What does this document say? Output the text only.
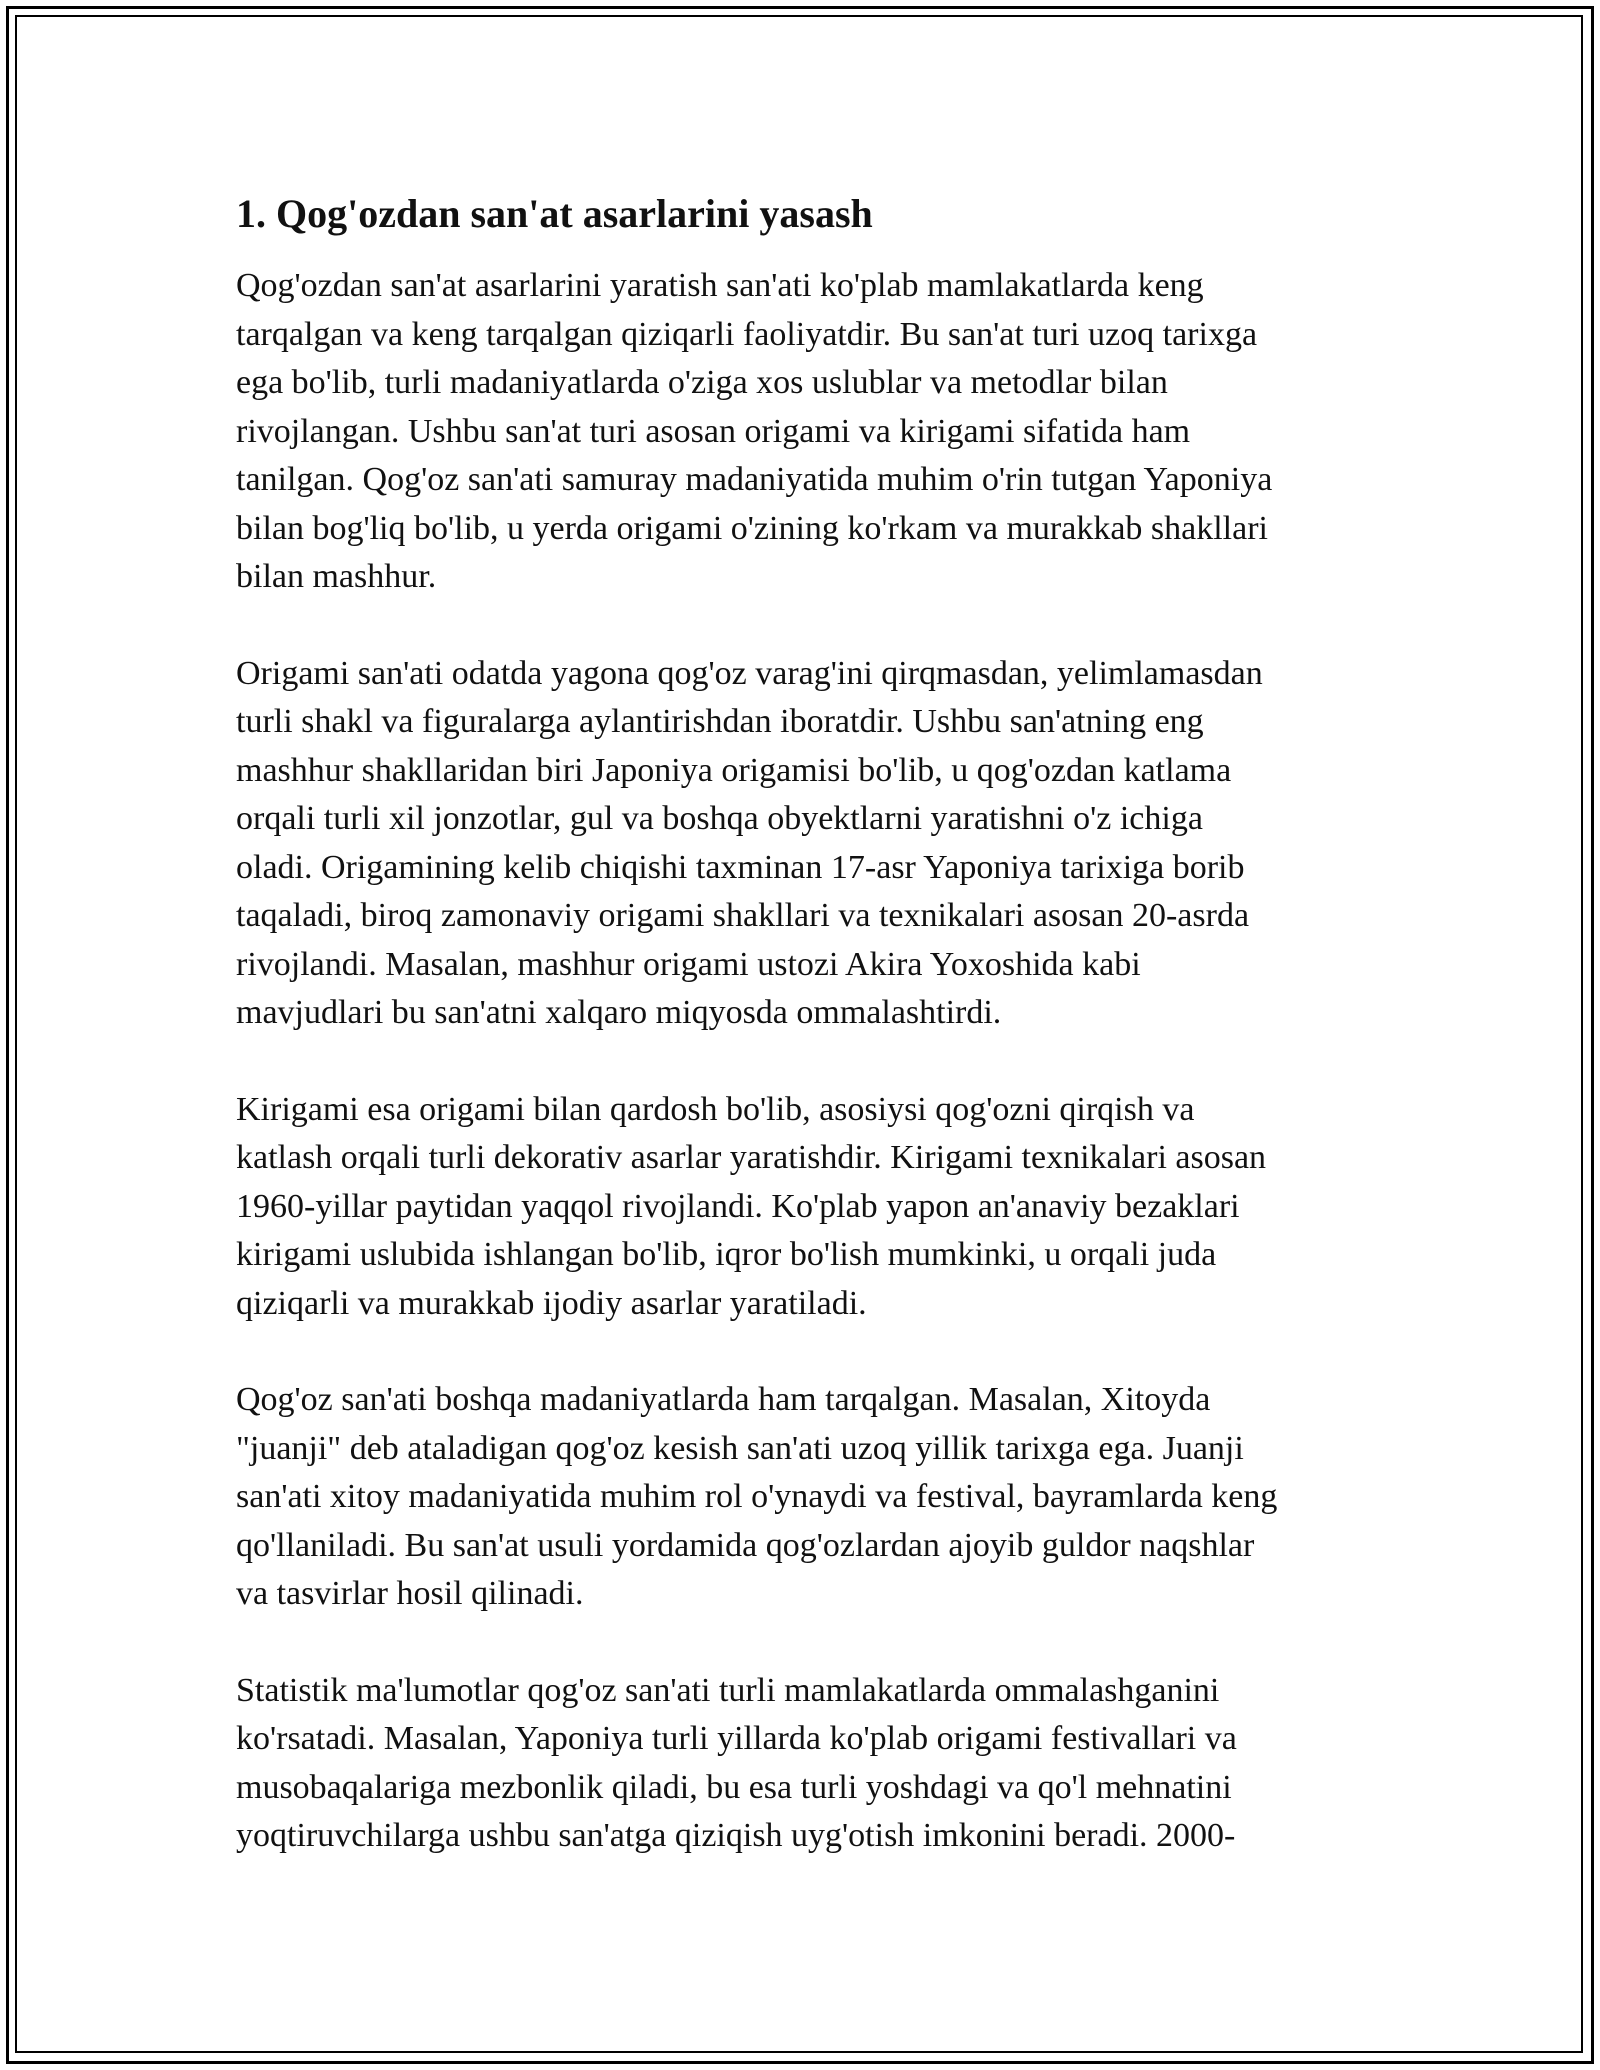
1. Qog'ozdan san'at asarlarini yasash

Qog'ozdan san'at asarlarini yaratish san'ati ko'plab mamlakatlarda keng
tarqalgan va keng tarqalgan qiziqarli faoliyatdir. Bu san'at turi uzoq tarixga
ega bo'lib, turli madaniyatlarda o'ziga xos uslublar va metodlar bilan
rivojlangan. Ushbu san'at turi asosan origami va kirigami sifatida ham
tanilgan. Qog'oz san'ati samuray madaniyatida muhim o'rin tutgan Yaponiya
bilan bog'liq bo'lib, u yerda origami o'zining ko'rkam va murakkab shakllari
bilan mashhur.

Origami san'ati odatda yagona qog'oz varag'ini qirqmasdan, yelimlamasdan
turli shakl va figuralarga aylantirishdan iboratdir. Ushbu san'atning eng
mashhur shakllaridan biri Japoniya origamisi bo'lib, u qog'ozdan katlama
orqali turli xil jonzotlar, gul va boshqa obyektlarni yaratishni o'z ichiga
oladi. Origamining kelib chiqishi taxminan 17-asr Yaponiya tarixiga borib
taqaladi, biroq zamonaviy origami shakllari va texnikalari asosan 20-asrda
rivojlandi. Masalan, mashhur origami ustozi Akira Yoxoshida kabi
mavjudlari bu san'atni xalqaro miqyosda ommalashtirdi.

Kirigami esa origami bilan qardosh bo'lib, asosiysi qog'ozni qirqish va
katlash orqali turli dekorativ asarlar yaratishdir. Kirigami texnikalari asosan
1960-yillar paytidan yaqqol rivojlandi. Ko'plab yapon an'anaviy bezaklari
kirigami uslubida ishlangan bo'lib, iqror bo'lish mumkinki, u orqali juda
qiziqarli va murakkab ijodiy asarlar yaratiladi.

Qog'oz san'ati boshqa madaniyatlarda ham tarqalgan. Masalan, Xitoyda
"juanji" deb ataladigan qog'oz kesish san'ati uzoq yillik tarixga ega. Juanji
san'ati xitoy madaniyatida muhim rol o'ynaydi va festival, bayramlarda keng
qo'llaniladi. Bu san'at usuli yordamida qog'ozlardan ajoyib guldor naqshlar
va tasvirlar hosil qilinadi.

Statistik ma'lumotlar qog'oz san'ati turli mamlakatlarda ommalashganini
ko'rsatadi. Masalan, Yaponiya turli yillarda ko'plab origami festivallari va
musobaqalariga mezbonlik qiladi, bu esa turli yoshdagi va qo'l mehnatini
yoqtiruvchilarga ushbu san'atga qiziqish uyg'otish imkonini beradi. 2000-
